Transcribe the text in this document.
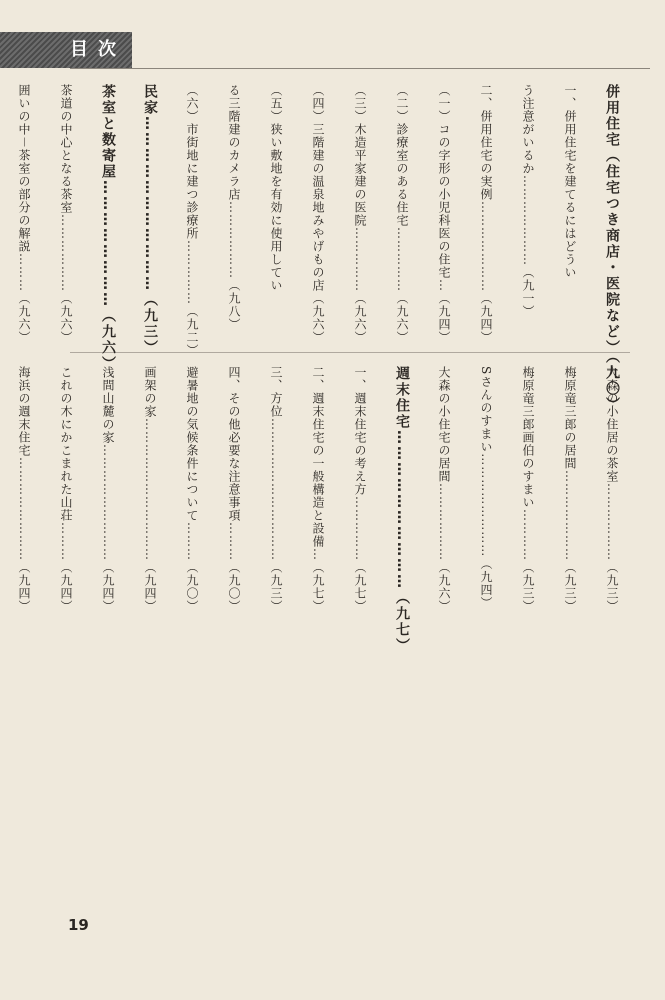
目次

併用住宅（住宅つき商店・医院など）（九〇）

一、併用住宅を建てるにはどうい

う注意がいるか…………………（九一）

二、併用住宅の実例…………………（九四）

（一）コの字形の小児科医の住宅…（九四）

（二）診療室のある住宅……………（九六）

（三）木造平家建の医院……………（九六）

（四）三階建の温泉地みやげもの店（九六）

（五）狭い敷地を有効に使用してい

る三階建のカメラ店………………（九八）

（六）市街地に建つ診療所……………（九二）

民家……………………………（九三）

茶室と数寄屋……………………（九六）

茶道の中心となる茶室………………（九六）

囲いの中－茶室の部分の解説………（九六）

大森の小住居の茶室………………（九三）

梅原竜三郎の居間…………………（九三）

梅原竜三郎画伯のすまい…………（九三）

Sさんのすまい……………………（九四）

大森の小住宅の居間………………（九六）

週末住宅…………………………（九七）

一、週末住宅の考え方……………（九七）

二、週末住宅の一般構造と設備…（九七）

三、方位……………………………（九三）

四、その他必要な注意事項………（九〇）

避暑地の気候条件について………（九〇）

画架の家……………………………（九四）

浅間山麓の家………………………（九四）

これの木にかこまれた山荘………（九四）

海浜の週末住宅……………………（九四）

19
